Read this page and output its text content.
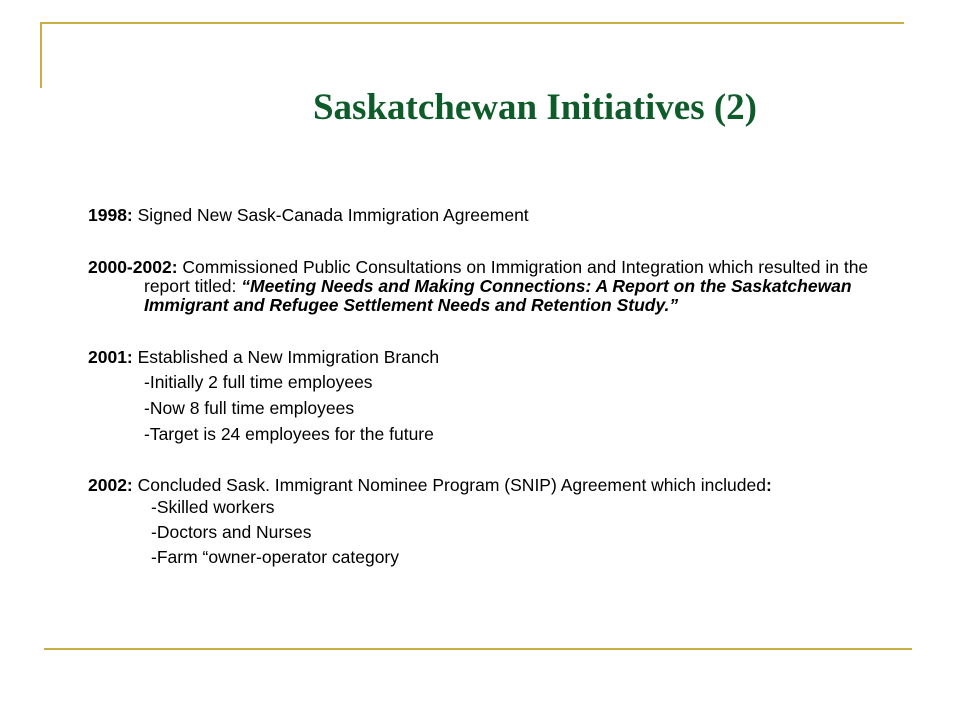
Saskatchewan Initiatives (2)

1998: Signed New Sask-Canada Immigration Agreement

2000-2002: Commissioned Public Consultations on Immigration and Integration which resulted in the report titled: “Meeting Needs and Making Connections: A Report on the Saskatchewan Immigrant and Refugee Settlement Needs and Retention Study.”

2001: Established a New Immigration Branch

-Initially 2 full time employees

-Now 8 full time employees

-Target is 24 employees for the future

2002: Concluded Sask. Immigrant Nominee Program (SNIP) Agreement which included:

-Skilled workers

-Doctors and Nurses

-Farm “owner-operator category
